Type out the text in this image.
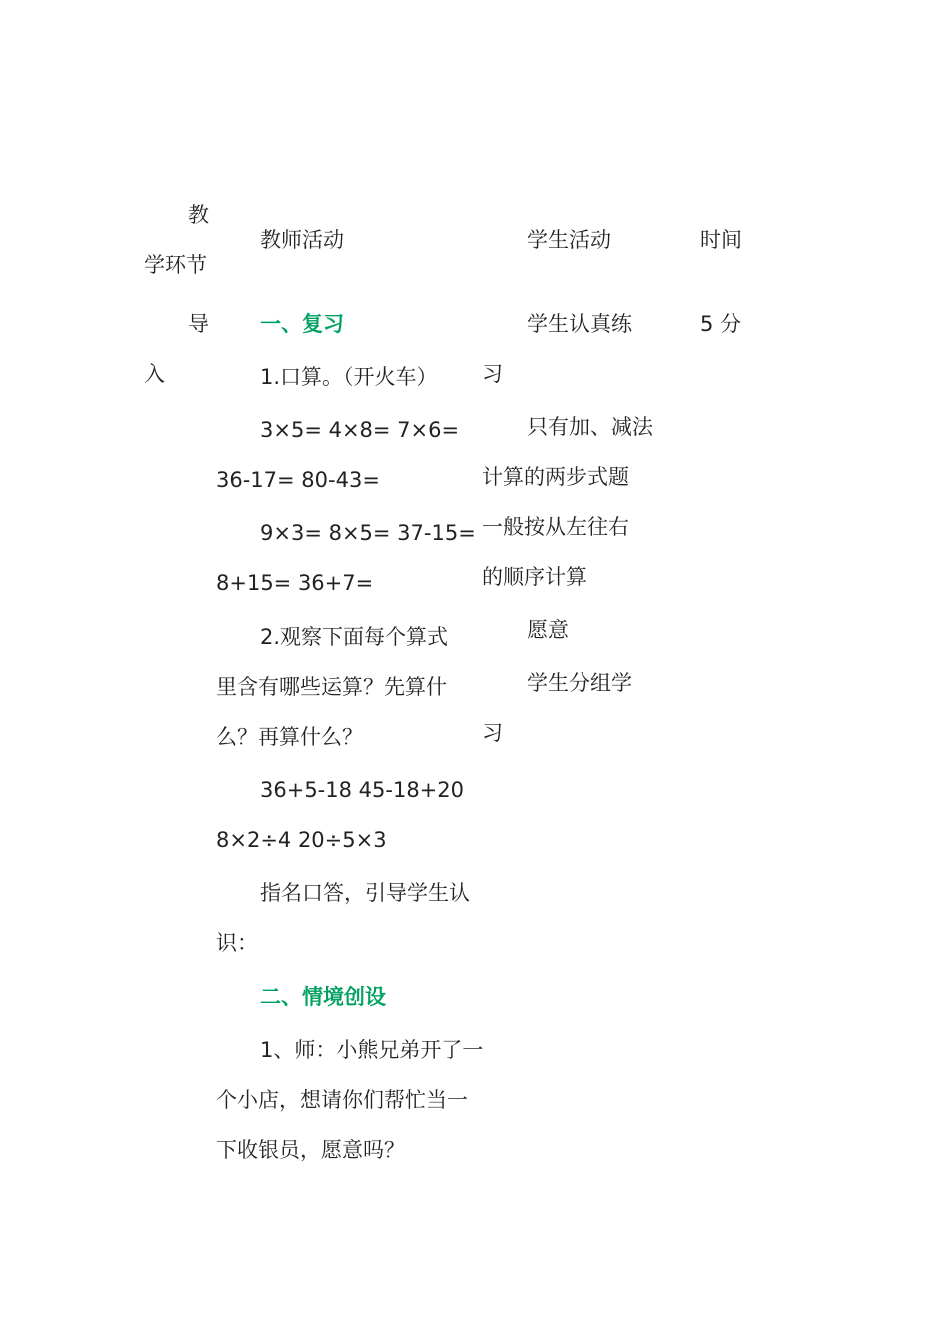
教
学环节
教师活动	学生活动	时间
导
入
一、复习
1.口算。（开火车）
3×5= 4×8= 7×6=
36-17= 80-43=
9×3= 8×5= 37-15=
8+15= 36+7=
2.观察下面每个算式
里含有哪些运算？先算什
么？再算什么？
36+5-18 45-18+20
8×2÷4 20÷5×3
指名口答，引导学生认
识：
二、情境创设
1、师：小熊兄弟开了一
个小店，想请你们帮忙当一
下收银员，愿意吗？
学生认真练
习
只有加、减法
计算的两步式题
一般按从左往右
的顺序计算
愿意
学生分组学
习
5 分
